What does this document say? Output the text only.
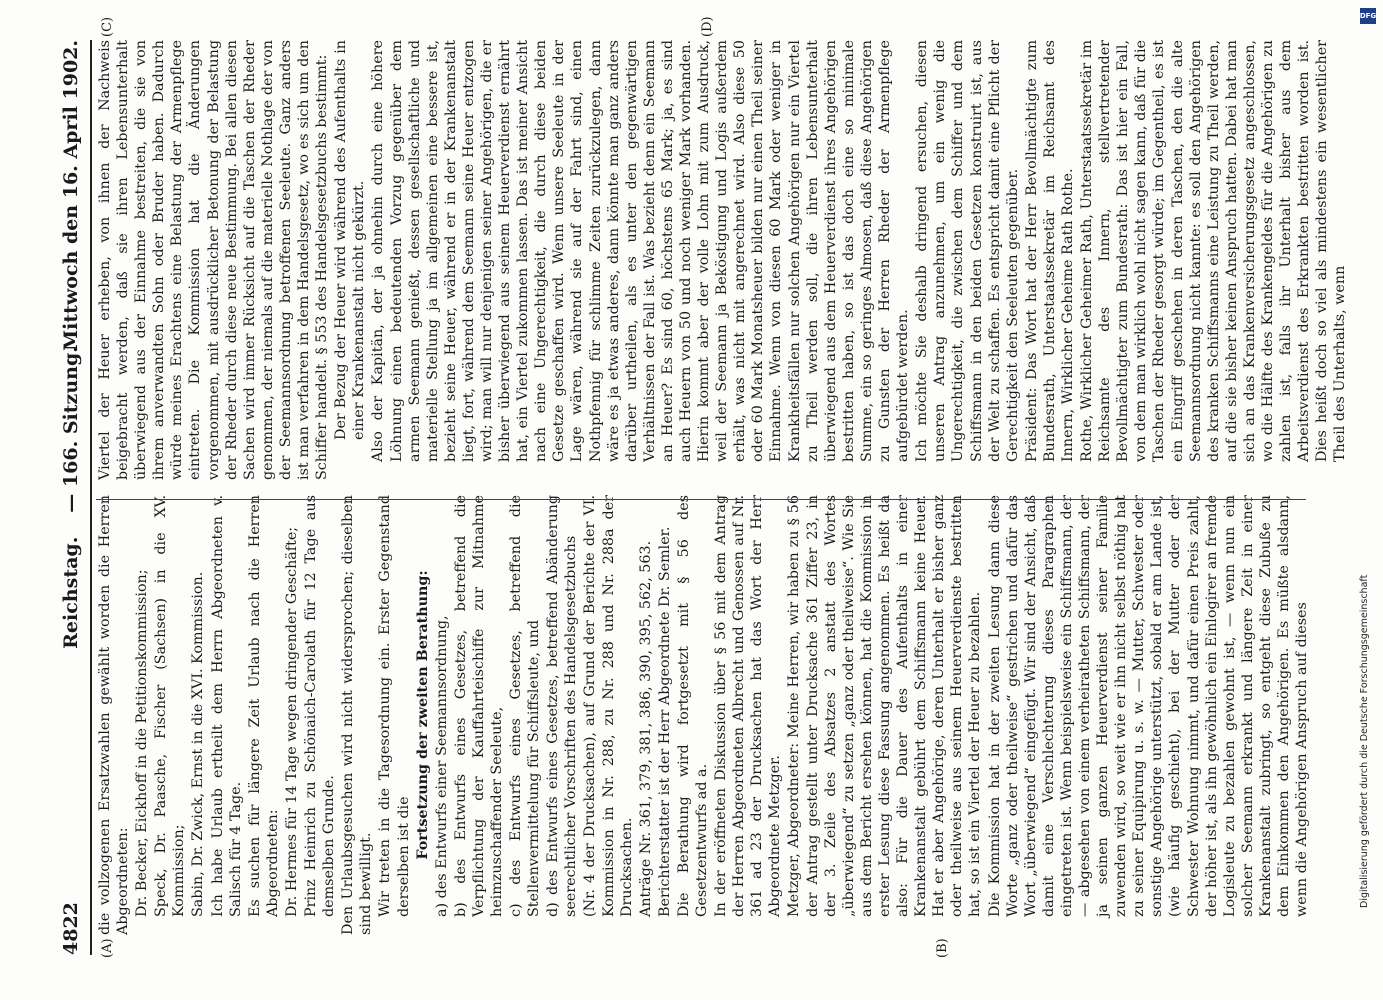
4822
Reichstag.— 166. Sitzung.
Mittwoch den 16. April 1902.
(A)	(B)
(C)	(D)

die vollzogenen Ersatzwahlen gewählt worden die Herren Abgeordneten: Dr. Becker, Eickhoff in die Petitionskommission; Speck, Dr. Paasche, Fischer (Sachsen) in die XV. Kommission; Sabin, Dr. Zwick, Ernst in die XVI. Kommission. Ich habe Urlaub ertheilt dem Herrn Abgeordneten v. Salisch für 4 Tage. Es suchen für längere Zeit Urlaub nach die Herren Abgeordneten: Dr. Hermes für 14 Tage wegen dringender Geschäfte; Prinz Heinrich zu Schönaich-Carolath für 12 Tage aus demselben Grunde. Den Urlaubsgesuchen wird nicht widersprochen; dieselben sind bewilligt. Wir treten in die Tagesordnung ein. Erster Gegenstand derselben ist die Fortsetzung der zweiten Berathung: a) des Entwurfs einer Seemannsordnung, b) des Entwurfs eines Gesetzes, betreffend die Verpflichtung der Kauffahrteischiffe zur Mitnahme heimzuschaffender Seeleute, c) des Entwurfs eines Gesetzes, betreffend die Stellenvermittelung für Schiffsleute, und d) des Entwurfs eines Gesetzes, betreffend Abänderung seerechtlicher Vorschriften des Handelsgesetzbuchs (Nr. 4 der Drucksachen), auf Grund der Berichte der VI. Kommission in Nr. 288, zu Nr. 288 und Nr. 288a der Drucksachen. Anträge Nr. 361, 379, 381, 386, 390, 395, 562, 563. Berichterstatter ist der Herr Abgeordnete Dr. Semler. Die Berathung wird fortgesetzt mit § 56 des Gesetzentwurfs ad a. In der eröffneten Diskussion über § 56 mit dem Antrag der Herren Abgeordneten Albrecht und Genossen auf Nr. 361 ad 23 der Drucksachen hat das Wort der Herr Abgeordnete Metzger. Metzger, Abgeordneter: Meine Herren, wir haben zu § 56 der Antrag gestellt unter Drucksache 361 Ziffer 23, in der 3. Zeile des Absatzes 2 anstatt des Wortes „überwiegend“ zu setzen „ganz oder theilweise“. Wie Sie aus dem Bericht ersehen können, hat die Kommission in erster Lesung diese Fassung angenommen. Es heißt da also: Für die Dauer des Aufenthalts in einer Krankenanstalt gebührt dem Schiffsmann keine Heuer. Hat er aber Angehörige, deren Unterhalt er bisher ganz oder theilweise aus seinem Heuerverdienste bestritten hat, so ist ein Viertel der Heuer zu bezahlen. Die Kommission hat in der zweiten Lesung dann diese Worte „ganz oder theilweise“ gestrichen und dafür das Wort „überwiegend“ eingefügt. Wir sind der Ansicht, daß damit eine Verschlechterung dieses Paragraphen eingetreten ist. Wenn beispielsweise ein Schiffsmann, der — abgesehen von einem verheiratheten Schiffsmann, der ja seinen ganzen Heuerverdienst seiner Familie zuwenden wird, so weit wie er ihn nicht selbst nöthig hat zu seiner Equipirung u. s. w. — Mutter, Schwester oder sonstige Angehörige unterstützt, sobald er am Lande ist, (wie häufig geschieht), bei der Mutter oder der Schwester Wohnung nimmt, und dafür einen Preis zahlt, der höher ist, als ihn gewöhnlich ein Einlogirer an fremde Logisleute zu bezahlen gewohnt ist, — wenn nun ein solcher Seemann erkrankt und längere Zeit in einer Krankenanstalt zubringt, so entgeht diese Zubuße zu dem Einkommen den Angehörigen. Es müßte alsdann, wenn die Angehörigen Anspruch auf dieses

Viertel der Heuer erheben, von ihnen der Nachweis beigebracht werden, daß sie ihren Lebensunterhalt überwiegend aus der Einnahme bestreiten, die sie von ihrem anverwandten Sohn oder Bruder haben. Dadurch würde meines Erachtens eine Belastung der Armenpflege eintreten. Die Kommission hat die Änderungen vorgenommen, mit ausdrücklicher Betonung der Belastung der Rheder durch diese neue Bestimmung. Bei allen diesen Sachen wird immer Rücksicht auf die Taschen der Rheder genommen, der niemals auf die materielle Nothlage der von der Seemannsordnung betroffenen Seeleute. Ganz anders ist man verfahren in dem Handelsgesetz, wo es sich um den Schiffer handelt. § 553 des Handelsgesetzbuchs bestimmt: Der Bezug der Heuer wird während des Aufenthalts in einer Krankenanstalt nicht gekürzt. Also der Kapitän, der ja ohnehin durch eine höhere Löhnung einen bedeutenden Vorzug gegenüber dem armen Seemann genießt, dessen gesellschaftliche und materielle Stellung ja im allgemeinen eine bessere ist, bezieht seine Heuer, während er in der Krankenanstalt liegt, fort, während dem Seemann seine Heuer entzogen wird; man will nur denjenigen seiner Angehörigen, die er bisher überwiegend aus seinem Heuerverdienst ernährt hat, ein Viertel zukommen lassen. Das ist meiner Ansicht nach eine Ungerechtigkeit, die durch diese beiden Gesetze geschaffen wird. Wenn unsere Seeleute in der Lage wären, während sie auf der Fahrt sind, einen Nothpfennig für schlimme Zeiten zurückzulegen, dann wäre es ja etwas anderes, dann könnte man ganz anders darüber urtheilen, als es unter den gegenwärtigen Verhältnissen der Fall ist. Was bezieht denn ein Seemann an Heuer? Es sind 60, höchstens 65 Mark; ja, es sind auch Heuern von 50 und noch weniger Mark vorhanden. Hierin kommt aber der volle Lohn mit zum Ausdruck, weil der Seemann ja Beköstigung und Logis außerdem erhält, was nicht mit angerechnet wird. Also diese 50 oder 60 Mark Monatsheuer bilden nur einen Theil seiner Einnahme. Wenn von diesen 60 Mark oder weniger in Krankheitsfällen nur solchen Angehörigen nur ein Viertel zu Theil werden soll, die ihren Lebensunterhalt überwiegend aus dem Heuerverdienst ihres Angehörigen bestritten haben, so ist das doch eine so minimale Summe, ein so geringes Almosen, daß diese Angehörigen zu Gunsten der Herren Rheder der Armenpflege aufgebürdet werden. Ich möchte Sie deshalb dringend ersuchen, diesen unseren Antrag anzunehmen, um ein wenig die Ungerechtigkeit, die zwischen dem Schiffer und dem Schiffsmann in den beiden Gesetzen konstruirt ist, aus der Welt zu schaffen. Es entspricht damit eine Pflicht der Gerechtigkeit den Seeleuten gegenüber. Präsident: Das Wort hat der Herr Bevollmächtigte zum Bundesrath, Unterstaatssekretär im Reichsamt des Innern, Wirklicher Geheime Rath Rothe. Rothe, Wirklicher Geheimer Rath, Unterstaatssekretär im Reichsamte des Innern, stellvertretender Bevollmächtigter zum Bundesrath: Das ist hier ein Fall, von dem man wirklich wohl nicht sagen kann, daß für die Taschen der Rheder gesorgt würde; im Gegentheil, es ist ein Eingriff geschehen in deren Taschen, den die alte Seemannsordnung nicht kannte: es soll den Angehörigen des kranken Schiffsmanns eine Leistung zu Theil werden, auf die sie bisher keinen Anspruch hatten. Dabei hat man sich an das Krankenversicherungsgesetz angeschlossen, wo die Hälfte des Krankengeldes für die Angehörigen zu zahlen ist, falls ihr Unterhalt bisher aus dem Arbeitsverdienst des Erkrankten bestritten worden ist. Dies heißt doch so viel als mindestens ein wesentlicher Theil des Unterhalts, wenn

Digitalisierung gefördert durch die Deutsche Forschungsgemeinschaft
DFG
